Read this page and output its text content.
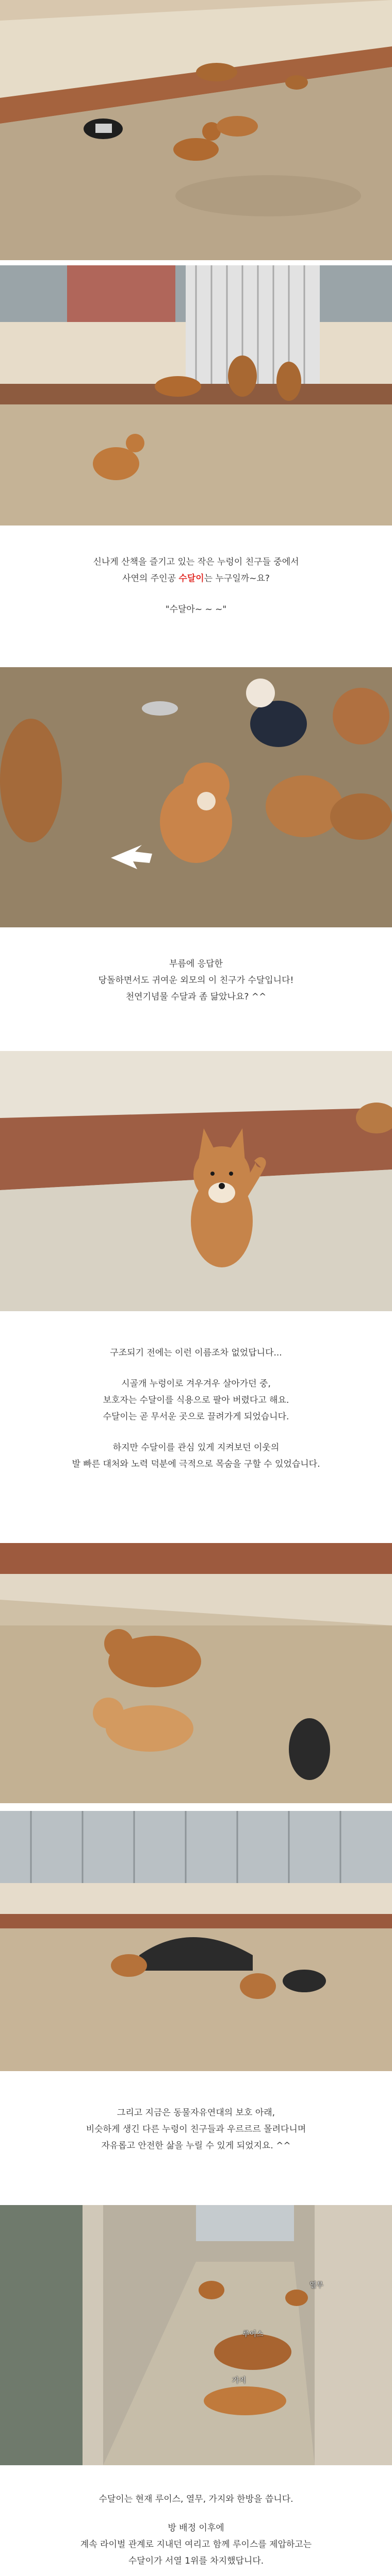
신나게 산책을 즐기고 있는 작은 누렁이 친구들 중에서

사연의 주인공 수달이는 누구일까~요?

"수달아~ ~ ~"

부름에 응답한

당돌하면서도 귀여운 외모의 이 친구가 수달입니다!

천연기념물 수달과 좀 닮았나요? ^^

구조되기 전에는 이런 이름조차 없었답니다...

시골개 누렁이로 겨우겨우 살아가던 중,

보호자는 수달이를 식용으로 팔아 버렸다고 해요.

수달이는 곧 무서운 곳으로 끌려가게 되었습니다.

하지만 수달이를 관심 있게 지켜보던 이웃의

발 빠른 대처와 노력 덕분에 극적으로 목숨을 구할 수 있었습니다.

그리고 지금은 동물자유연대의 보호 아래,

비슷하게 생긴 다른 누렁이 친구들과 우르르르 몰려다니며

자유롭고 안전한 삶을 누릴 수 있게 되었지요. ^^

열무
루이스
가지

수달이는 현재 루이스, 열무, 가지와 한방을 씁니다.

방 배정 이후에

계속 라이벌 관계로 지내던 여리고 함께 루이스를 제압하고는

수달이가 서열 1위를 차지했답니다.
